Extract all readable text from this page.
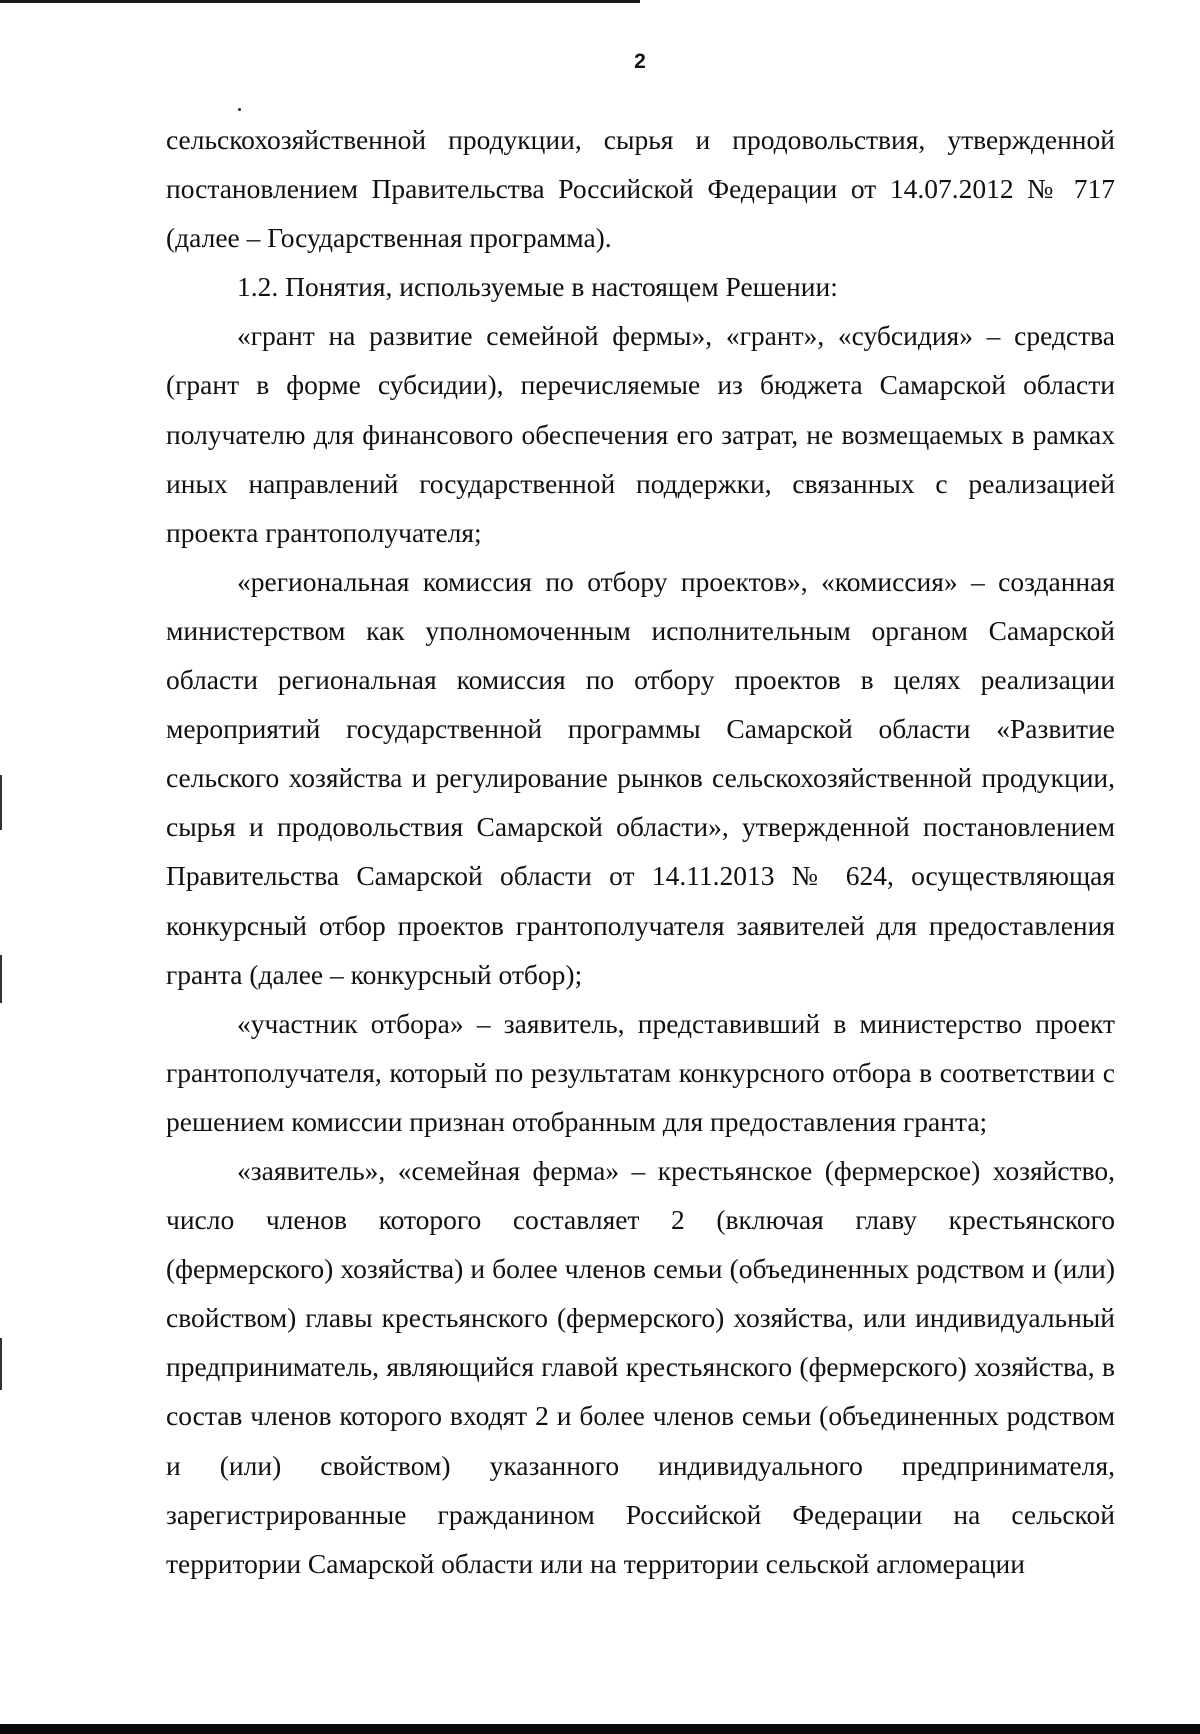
2

сельскохозяйственной продукции, сырья и продовольствия, утвержденной постановлением Правительства Российской Федерации от 14.07.2012 № 717 (далее – Государственная программа).

1.2. Понятия, используемые в настоящем Решении:

«грант на развитие семейной фермы», «грант», «субсидия» – средства (грант в форме субсидии), перечисляемые из бюджета Самарской области получателю для финансового обеспечения его затрат, не возмещаемых в рамках иных направлений государственной поддержки, связанных с реализацией проекта грантополучателя;

«региональная комиссия по отбору проектов», «комиссия» – созданная министерством как уполномоченным исполнительным органом Самарской области региональная комиссия по отбору проектов в целях реализации мероприятий государственной программы Самарской области «Развитие сельского хозяйства и регулирование рынков сельскохозяйственной продукции, сырья и продовольствия Самарской области», утвержденной постановлением Правительства Самарской области от 14.11.2013 № 624, осуществляющая конкурсный отбор проектов грантополучателя заявителей для предоставления гранта (далее – конкурсный отбор);

«участник отбора» – заявитель, представивший в министерство проект грантополучателя, который по результатам конкурсного отбора в соответствии с решением комиссии признан отобранным для предоставления гранта;

«заявитель», «семейная ферма» – крестьянское (фермерское) хозяйство, число членов которого составляет 2 (включая главу крестьянского (фермерского) хозяйства) и более членов семьи (объединенных родством и (или) свойством) главы крестьянского (фермерского) хозяйства, или индивидуальный предприниматель, являющийся главой крестьянского (фермерского) хозяйства, в состав членов которого входят 2 и более членов семьи (объединенных родством и (или) свойством) указанного индивидуального предпринимателя, зарегистрированные гражданином Российской Федерации на сельской территории Самарской области или на территории сельской агломерации
